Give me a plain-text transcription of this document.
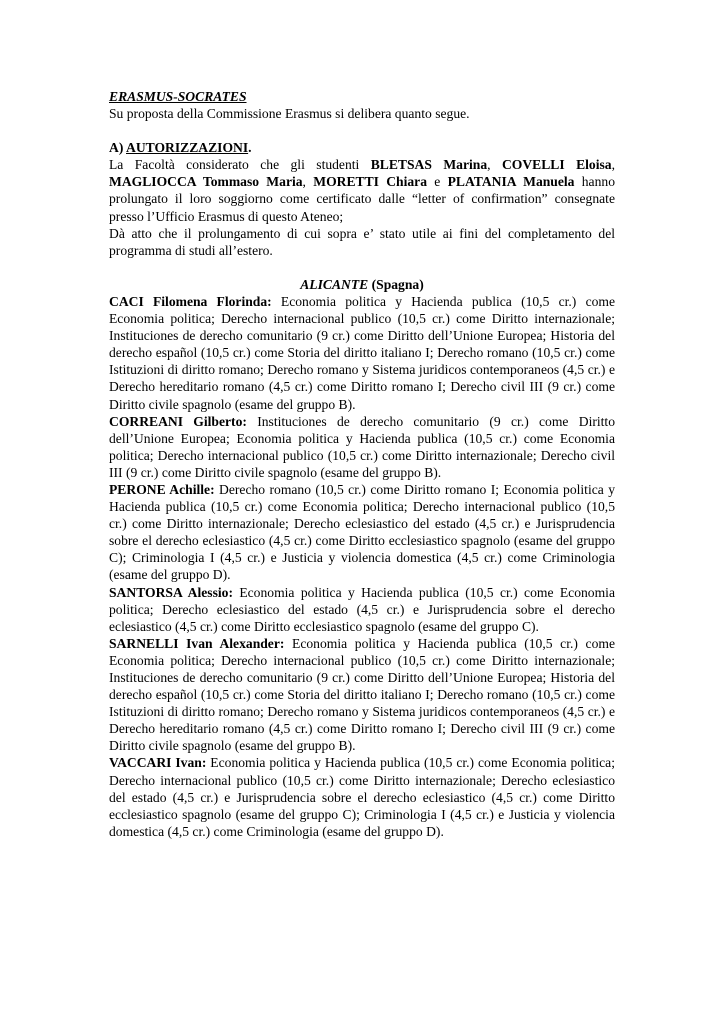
ERASMUS-SOCRATES

Su proposta della Commissione Erasmus si delibera quanto segue.

A) AUTORIZZAZIONI.

La Facoltà considerato che gli studenti BLETSAS Marina, COVELLI Eloisa, MAGLIOCCA Tommaso Maria, MORETTI Chiara e PLATANIA Manuela hanno prolungato il loro soggiorno come certificato dalle “letter of confirmation” consegnate presso l’Ufficio Erasmus di questo Ateneo;

Dà atto che il prolungamento di cui sopra e’ stato utile ai fini del completamento del programma di studi all’estero.

ALICANTE (Spagna)

CACI Filomena Florinda: Economia politica y Hacienda publica (10,5 cr.) come Economia politica; Derecho internacional publico (10,5 cr.) come Diritto internazionale; Instituciones de derecho comunitario (9 cr.) come Diritto dell’Unione Europea; Historia del derecho español (10,5 cr.) come Storia del diritto italiano I; Derecho romano (10,5 cr.) come Istituzioni di diritto romano; Derecho romano y Sistema juridicos contemporaneos (4,5 cr.) e Derecho hereditario romano (4,5 cr.) come Diritto romano I; Derecho civil III (9 cr.) come Diritto civile spagnolo (esame del gruppo B).

CORREANI Gilberto: Instituciones de derecho comunitario (9 cr.) come Diritto dell’Unione Europea; Economia politica y Hacienda publica (10,5 cr.) come Economia politica; Derecho internacional publico (10,5 cr.) come Diritto internazionale; Derecho civil III (9 cr.) come Diritto civile spagnolo (esame del gruppo B).

PERONE Achille: Derecho romano (10,5 cr.) come Diritto romano I; Economia politica y Hacienda publica (10,5 cr.) come Economia politica; Derecho internacional publico (10,5 cr.) come Diritto internazionale; Derecho eclesiastico del estado (4,5 cr.) e Jurisprudencia sobre el derecho eclesiastico (4,5 cr.) come Diritto ecclesiastico spagnolo (esame del gruppo C); Criminologia I (4,5 cr.) e Justicia y violencia domestica (4,5 cr.) come Criminologia (esame del gruppo D).

SANTORSA Alessio: Economia politica y Hacienda publica (10,5 cr.) come Economia politica; Derecho eclesiastico del estado (4,5 cr.) e Jurisprudencia sobre el derecho eclesiastico (4,5 cr.) come Diritto ecclesiastico spagnolo (esame del gruppo C).

SARNELLI Ivan Alexander: Economia politica y Hacienda publica (10,5 cr.) come Economia politica; Derecho internacional publico (10,5 cr.) come Diritto internazionale; Instituciones de derecho comunitario (9 cr.) come Diritto dell’Unione Europea; Historia del derecho español (10,5 cr.) come Storia del diritto italiano I; Derecho romano (10,5 cr.) come Istituzioni di diritto romano; Derecho romano y Sistema juridicos contemporaneos (4,5 cr.) e Derecho hereditario romano (4,5 cr.) come Diritto romano I; Derecho civil III (9 cr.) come Diritto civile spagnolo (esame del gruppo B).

VACCARI Ivan: Economia politica y Hacienda publica (10,5 cr.) come Economia politica; Derecho internacional publico (10,5 cr.) come Diritto internazionale; Derecho eclesiastico del estado (4,5 cr.) e Jurisprudencia sobre el derecho eclesiastico (4,5 cr.) come Diritto ecclesiastico spagnolo (esame del gruppo C); Criminologia I (4,5 cr.) e Justicia y violencia domestica (4,5 cr.) come Criminologia (esame del gruppo D).
